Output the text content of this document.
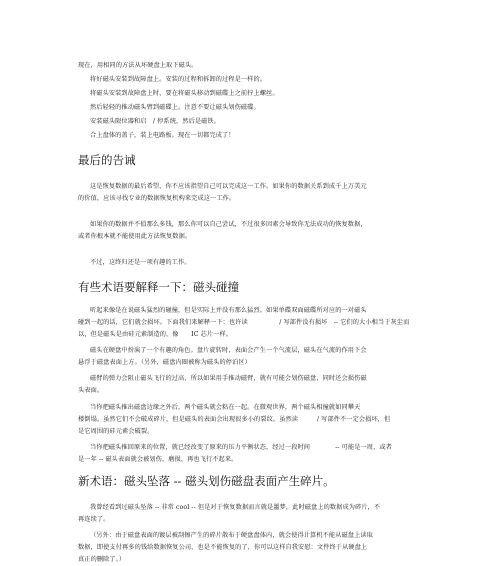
现在，用相同的方法从坏硬盘上取下磁头。
将好磁头安装到故障盘上。安装的过程和拆卸的过程是一样的。
将磁头安装到故障盘上时，要在将磁头移动到磁碟上之前拧上螺丝。
然后轻轻的推动磁头臂到磁碟上。注意不要让磁头划伤磁碟。
安装磁头限位器和启　/ 停系统，然后是磁铁。
合上盘体的盖子，装上电路板。现在一切都完成了！
最后的告诫
这是恢复数据的最后希望，你不应该指望自己可以完成这一工作。如果你的数据关系到成千上万美元
的价值，应该寻找专业的数据恢复机构来完成这一工作。
如果你的数据并不值那么多钱，那么你可以自己尝试，不过很多因素会导致你无法成功的恢复数据，
或者你根本就不能使用此方法恢复数据。
不过，这终归还是一项有趣的工作。
有些术语要解释一下：磁头碰撞
听起来像是在说磁头猛烈的碰撞，但是实际上并没有那么猛烈。如果单碟双面磁碟所对应的一对磁头
碰到一起的话，它们就会损坏。下面我们来解释一下：也许读　　　　　/ 写部件没有损坏　-- 它们的大小相当于灰尘而
以，但是磁头是由硅元素制造的，像　　IC 芯片一样。
磁头在硬盘中扮演了一个有趣的角色。盘片旋转时，表面会产生一个气流层，磁头在气流的作用下会
悬浮于磁盘表面上方。（另外，磁盘内圈被称为磁头的停泊区）
磁臂的弹力会阻止磁头飞行的过高，所以如果用手推动磁臂，就有可能会划伤磁盘，同时还会损伤磁
头表面。
当你把磁头推出磁盘边缘之外后，两个磁头就会粘在一起。在微观世界，两个磁头相撞就如同攀天
楼倒塌。虽然它们不会破成碎片，但是磁头的表面会出现很多小的裂纹。虽然读　　　/ 写部件不一定会损坏，但
是它周围的硅元素会破裂。
当你把磁头推回原来的位置，就已经改变了原来的压力平衡状态，经过一段时间　　　　-- 可能是一周，或者
是一年 -- 磁头表面就会被划伤，磨损，再也飞行不起来。
新术语：磁头坠落 -- 磁头划伤磁盘表面产生碎片。
我曾经看到过磁头坠落 -- 非常 cool -- 但是对于恢复数据而言就是噩梦，此时磁盘上的数据成为碎片，不
再连续了。
（另外：由于磁盘表面的镀层被刮擦产生的碎片散布于硬盘盘体内，就会使得计算机不能从磁盘上读取
数据，即使支付再多的钱给数据恢复公司，也是不能恢复的了，你可以这样自我安慰：文件终于从硬盘上
真正的删除了。）
